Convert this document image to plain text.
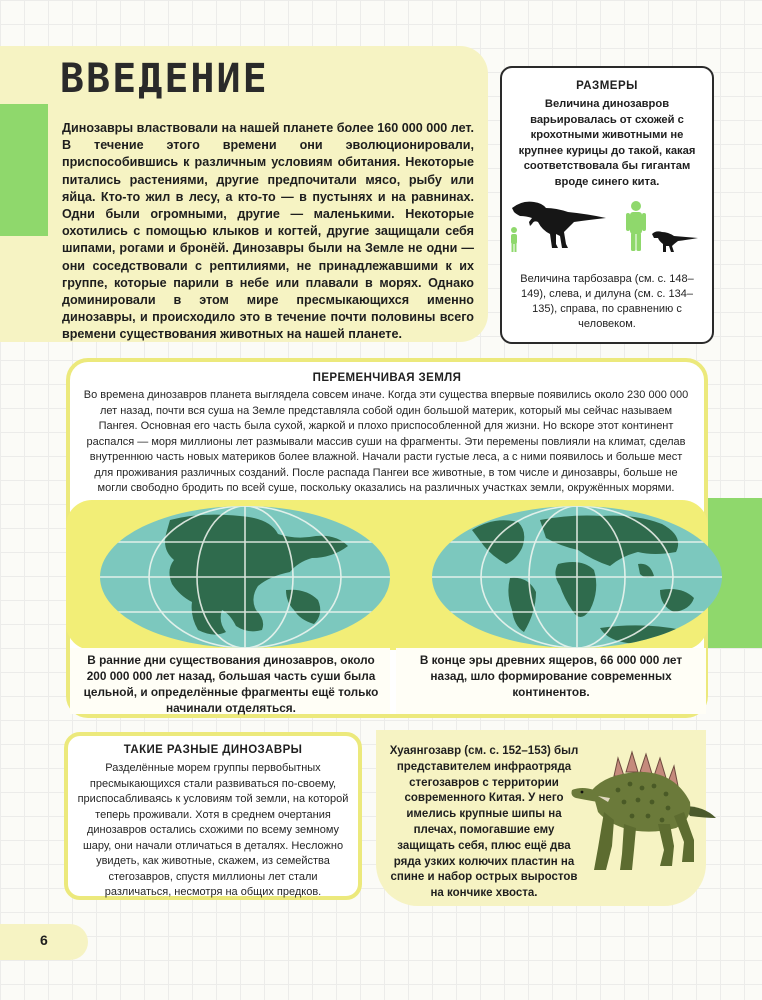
ВВЕДЕНИЕ
Динозавры властвовали на нашей планете более 160 000 000 лет. В течение этого времени они эволюционировали, приспособившись к различным условиям обитания. Некоторые питались растениями, другие предпочитали мясо, рыбу или яйца. Кто-то жил в лесу, а кто-то — в пустынях и на равнинах. Одни были огромными, другие — маленькими. Некоторые охотились с помощью клыков и когтей, другие защищали себя шипами, рогами и бронёй. Динозавры были на Земле не одни — они соседствовали с рептилиями, не принадлежавшими к их группе, которые парили в небе или плавали в морях. Однако доминировали в этом мире пресмыкающихся именно динозавры, и происходило это в течение почти половины всего времени существования животных на нашей планете.
РАЗМЕРЫ
Величина динозавров варьировалась от схожей с крохотными животными не крупнее курицы до такой, какая соответствовала бы гигантам вроде синего кита.
Величина тарбозавра (см. с. 148–149), слева, и дилуна (см. с. 134–135), справа, по сравнению с человеком.
ПЕРЕМЕНЧИВАЯ ЗЕМЛЯ
Во времена динозавров планета выглядела совсем иначе. Когда эти существа впервые появились около 230 000 000 лет назад, почти вся суша на Земле представляла собой один большой материк, который мы сейчас называем Пангея. Основная его часть была сухой, жаркой и плохо приспособленной для жизни. Но вскоре этот континент распался — моря миллионы лет размывали массив суши на фрагменты. Эти перемены повлияли на климат, сделав внутреннюю часть новых материков более влажной. Начали расти густые леса, а с ними появилось и больше мест для проживания различных созданий. После распада Пангеи все животные, в том числе и динозавры, больше не могли свободно бродить по всей суше, поскольку оказались на различных участках земли, окружённых морями.
В ранние дни существования динозавров, около 200 000 000 лет назад, большая часть суши была цельной, и определённые фрагменты ещё только начинали отделяться.
В конце эры древних ящеров, 66 000 000 лет назад, шло формирование современных континентов.
ТАКИЕ РАЗНЫЕ ДИНОЗАВРЫ
Разделённые морем группы первобытных пресмыкающихся стали развиваться по-своему, приспосабливаясь к условиям той земли, на которой теперь проживали. Хотя в среднем очертания динозавров остались схожими по всему земному шару, они начали отличаться в деталях. Несложно увидеть, как животные, скажем, из семейства стегозавров, спустя миллионы лет стали различаться, несмотря на общих предков.
Хуаянгозавр (см. с. 152–153) был представителем инфраотряда стегозавров с территории современного Китая. У него имелись крупные шипы на плечах, помогавшие ему защищать себя, плюс ещё два ряда узких колючих пластин на спине и набор острых выростов на кончике хвоста.
6
